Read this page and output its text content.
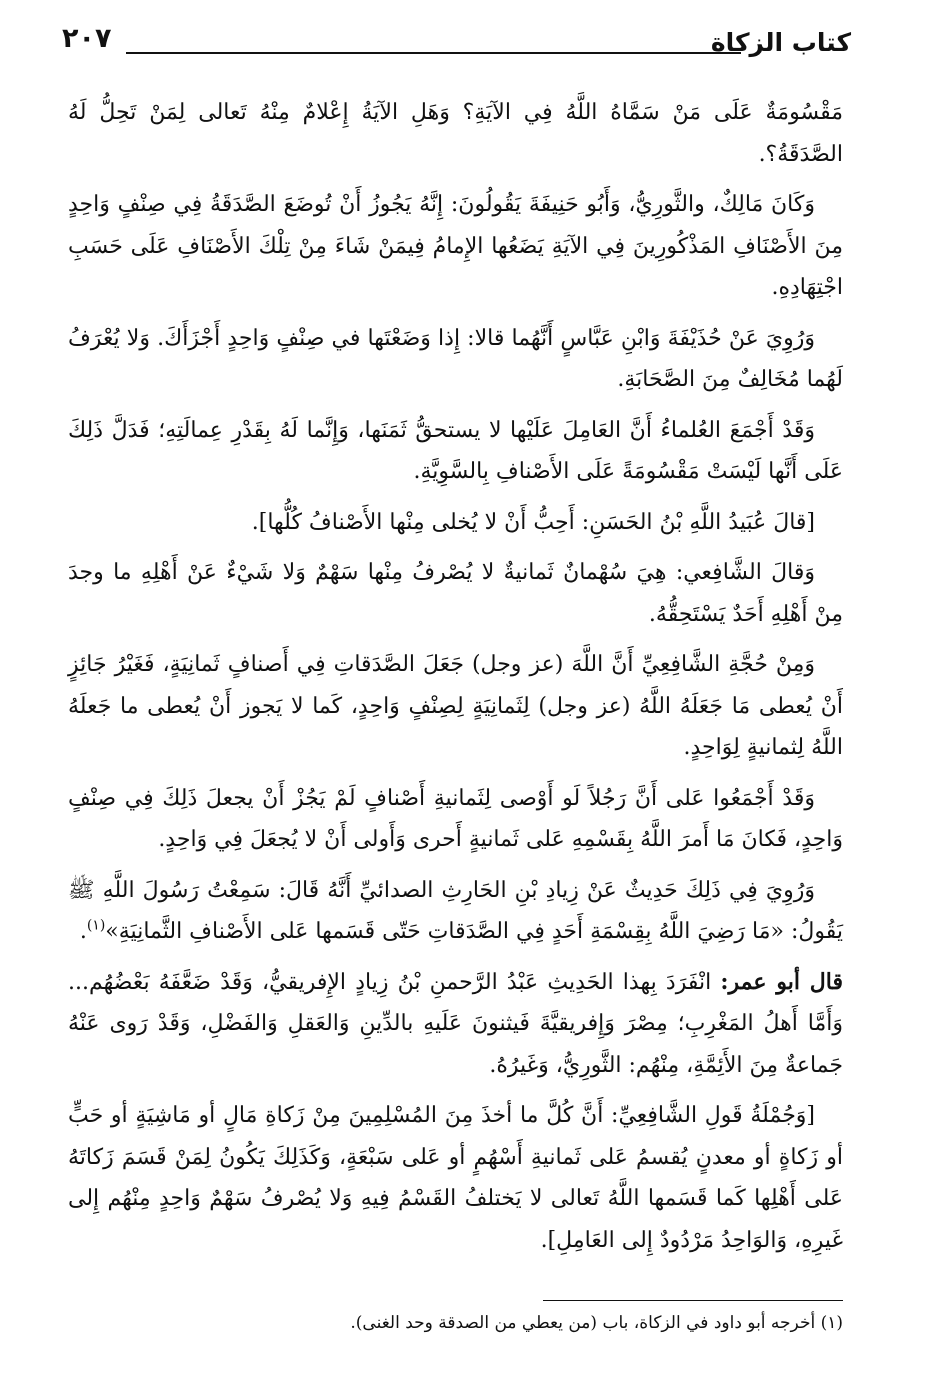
كتاب الزكاة
٢٠٧

مَقْسُومَةٌ عَلَى مَنْ سَمَّاهُ اللَّهُ فِي الآيَةِ؟ وَهَلِ الآيَةُ إِعْلامٌ مِنْهُ تَعالى لِمَنْ تَحِلُّ لَهُ الصَّدَقَةُ؟.

وَكَانَ مَالِكٌ، والثَّورِيُّ، وَأَبُو حَنِيفَةَ يَقُولُونَ: إِنَّهُ يَجُوزُ أَنْ تُوضَعَ الصَّدَقَةُ فِي صِنْفٍ وَاحِدٍ مِنَ الأَصْنَافِ المَذْكُورِينَ فِي الآيَةِ يَضَعُها الإِمامُ فِيمَنْ شَاءَ مِنْ تِلْكَ الأَصْنَافِ عَلَى حَسَبِ اجْتِهَادِهِ.

وَرُوِيَ عَنْ حُذَيْفَةَ وَابْنِ عَبَّاسٍ أَنَّهُما قالا: إِذا وَضَعْتَها في صِنْفٍ وَاحِدٍ أَجْزَأَكَ. وَلا يُعْرَفُ لَهُما مُخَالِفٌ مِنَ الصَّحَابَةِ.

وَقَدْ أَجْمَعَ العُلماءُ أَنَّ العَامِلَ عَلَيْها لا يستحقُّ ثَمَنَها، وَإِنَّما لَهُ بِقَدْرِ عِمالَتِهِ؛ فَدَلَّ ذَلِكَ عَلَى أَنَّها لَيْسَتْ مَقْسُومَةً عَلَى الأَصْنافِ بِالسَّوِيَّةِ.

[قالَ عُبَيدُ اللَّهِ بْنُ الحَسَنِ: أَحِبُّ أَنْ لا يُخلى مِنْها الأَصْنافُ كُلُّها].

وَقالَ الشَّافِعي: هِيَ سُهْمانٌ ثَمانيةٌ لا يُصْرفُ مِنْها سَهْمٌ وَلا شَيْءٌ عَنْ أَهْلِهِ ما وجدَ مِنْ أَهْلِهِ أَحَدٌ يَسْتَحِقُّهُ.

وَمِنْ حُجَّةِ الشَّافِعِيِّ أَنَّ اللَّهَ (عز وجل) جَعَلَ الصَّدَقاتِ فِي أَصنافٍ ثَمانِيَةٍ، فَغَيْرُ جَائِزٍ أَنْ يُعطى مَا جَعَلَهُ اللَّهُ (عز وجل) لِثَمانِيَةٍ لِصِنْفٍ وَاحِدٍ، كَما لا يَجوز أَنْ يُعطى ما جَعلَهُ اللَّهُ لِثمانيةٍ لِوَاحِدٍ.

وَقَدْ أَجْمَعُوا عَلى أَنَّ رَجُلاً لَو أَوْصى لِثَمانيةِ أَصْنافٍ لَمْ يَجُزْ أَنْ يجعلَ ذَلِكَ فِي صِنْفٍ وَاحِدٍ، فَكانَ مَا أَمرَ اللَّهُ بِقَسْمِهِ عَلى ثَمانيةٍ أَحرى وَأَولى أَنْ لا يُجعَلَ فِي وَاحِدٍ.

وَرُوِيَ فِي ذَلِكَ حَدِيثٌ عَنْ زِيادِ بْنِ الحَارِثِ الصدائيِّ أَنَّهُ قَالَ: سَمِعْتُ رَسُولَ اللَّهِ ﷺ يَقُولُ: «مَا رَضِيَ اللَّهُ بِقِسْمَةِ أَحَدٍ فِي الصَّدَقاتِ حَتّى قَسَمها عَلى الأَصْنافِ الثَّمانِيَةِ»$^{(١)}$.

قال أبو عمر: انْفَرَدَ بِهذا الحَدِيثِ عَبْدُ الرَّحمنِ بْنُ زِيادٍ الإِفريقيُّ، وَقَدْ ضَعَّفَهُ بَعْضُهُم... وَأَمَّا أَهلُ المَغْرِبِ؛ مِصْرَ وَإِفريقيَّةَ فَيثنونَ عَلَيهِ بالدِّينِ وَالعَقلِ وَالفَضْلِ، وَقَدْ رَوى عَنْهُ جَماعةٌ مِنَ الأَئِمَّةِ، مِنْهُم: الثَّورِيُّ، وَغَيرُهُ.

[وَجُمْلَةُ قَولِ الشَّافِعِيِّ: أَنَّ كُلَّ ما أخذَ مِنَ المُسْلِمِينَ مِنْ زَكاةِ مَالٍ أو مَاشِيَةٍ أو حَبٍّ أو زَكاةٍ أو معدنٍ يُقسمُ عَلى ثَمانيةِ أَسْهُمٍ أو عَلى سَبْعَةٍ، وَكَذَلِكَ يَكُونُ لِمَنْ قَسَمَ زَكاتَهُ عَلى أَهْلِها كَما قَسَمها اللَّهُ تَعالى لا يَختلفُ القَسْمُ فِيهِ وَلا يُصْرفُ سَهْمٌ وَاحِدٍ مِنْهُم إِلى غَيرِهِ، وَالوَاحِدُ مَرْدُودٌ إِلى العَامِلِ].

(١) أخرجه أبو داود في الزكاة، باب (من يعطي من الصدقة وحد الغنى).
